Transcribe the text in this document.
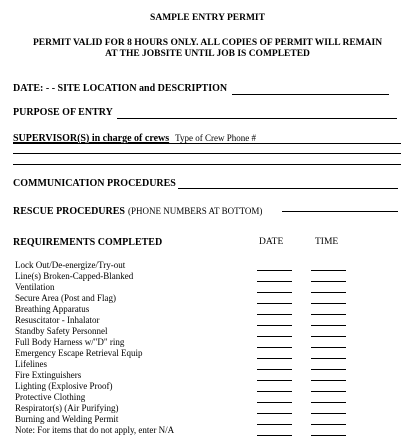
SAMPLE ENTRY PERMIT
PERMIT VALID FOR 8 HOURS ONLY. ALL COPIES OF PERMIT WILL REMAIN
AT THE JOBSITE UNTIL JOB IS COMPLETED
DATE: - - SITE LOCATION and DESCRIPTION
PURPOSE OF ENTRY
SUPERVISOR(S) in charge of crews Type of Crew Phone #
COMMUNICATION PROCEDURES
RESCUE PROCEDURES (PHONE NUMBERS AT BOTTOM)
REQUIREMENTS COMPLETED	DATE	TIME
Lock Out/De-energize/Try-out
Line(s) Broken-Capped-Blanked
Ventilation
Secure Area (Post and Flag)
Breathing Apparatus
Resuscitator - Inhalator
Standby Safety Personnel
Full Body Harness w/"D" ring
Emergency Escape Retrieval Equip
Lifelines
Fire Extinguishers
Lighting (Explosive Proof)
Protective Clothing
Respirator(s) (Air Purifying)
Burning and Welding Permit
Note: For items that do not apply, enter N/A
